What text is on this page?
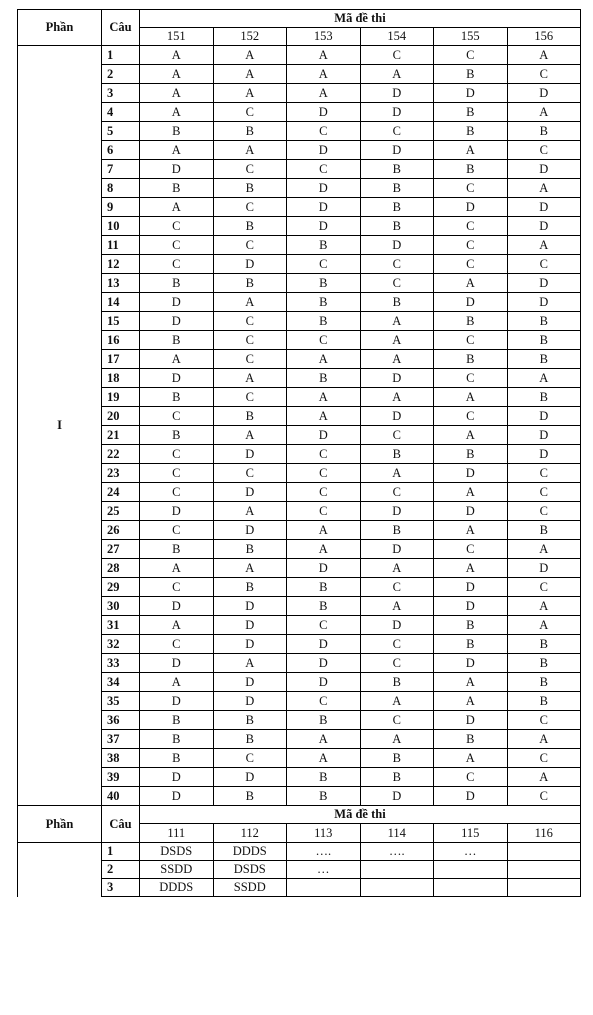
Phần	Câu	Mã đề thi					
		151	152	153	154	155	156
I	1	A	A	A	C	C	A
	2	A	A	A	A	B	C
	3	A	A	A	D	D	D
	4	A	C	D	D	B	A
	5	B	B	C	C	B	B
	6	A	A	D	D	A	C
	7	D	C	C	B	B	D
	8	B	B	D	B	C	A
	9	A	C	D	B	D	D
	10	C	B	D	B	C	D
	11	C	C	B	D	C	A
	12	C	D	C	C	C	C
	13	B	B	B	C	A	D
	14	D	A	B	B	D	D
	15	D	C	B	A	B	B
	16	B	C	C	A	C	B
	17	A	C	A	A	B	B
	18	D	A	B	D	C	A
	19	B	C	A	A	A	B
	20	C	B	A	D	C	D
	21	B	A	D	C	A	D
	22	C	D	C	B	B	D
	23	C	C	C	A	D	C
	24	C	D	C	C	A	C
	25	D	A	C	D	D	C
	26	C	D	A	B	A	B
	27	B	B	A	D	C	A
	28	A	A	D	A	A	D
	29	C	B	B	C	D	C
	30	D	D	B	A	D	A
	31	A	D	C	D	B	A
	32	C	D	D	C	B	B
	33	D	A	D	C	D	B
	34	A	D	D	B	A	B
	35	D	D	C	A	A	B
	36	B	B	B	C	D	C
	37	B	B	A	A	B	A
	38	B	C	A	B	A	C
	39	D	D	B	B	C	A
	40	D	B	B	D	D	C
Phần	Câu	Mã đề thi					
		111	112	113	114	115	116
	1	DSDS	DDDS	….	….	…	
	2	SSDD	DSDS	…			
	3	DDDS	SSDD				
